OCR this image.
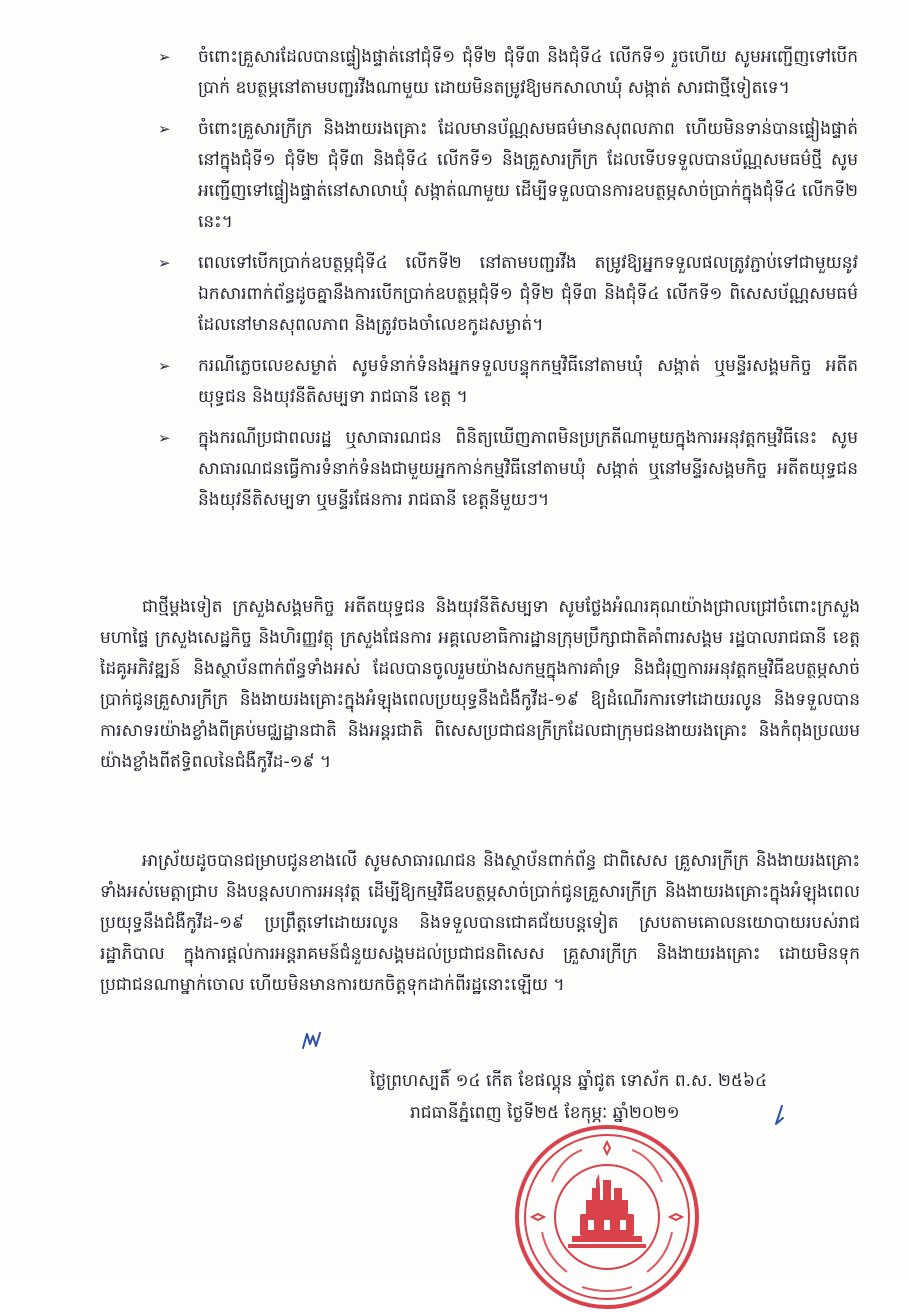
➢	ចំពោះគ្រួសារដែលបានផ្ទៀងផ្ទាត់នៅជុំទី១ ជុំទី២ ជុំទី៣ និងជុំទី៤ លើកទី១ រួចហើយ សូមអញ្ជើញទៅបើកប្រាក់ ឧបត្ថម្ភនៅតាមបញ្ជរវីងណាមួយ ដោយមិនតម្រូវឱ្យមកសាលាឃុំ សង្កាត់ សារជាថ្មីទៀតទេ។
➢	ចំពោះគ្រួសារក្រីក្រ និងងាយរងគ្រោះ ដែលមានប័ណ្ណសមធម៌មានសុពលភាព ហើយមិនទាន់បានផ្ទៀងផ្ទាត់នៅក្នុងជុំទី១ ជុំទី២ ជុំទី៣ និងជុំទី៤ លើកទី១ និងគ្រួសារក្រីក្រ ដែលទើបទទួលបានប័ណ្ណសមធម៌ថ្មី សូមអញ្ជើញទៅផ្ទៀងផ្ទាត់នៅសាលាឃុំ សង្កាត់ណាមួយ ដើម្បីទទួលបានការឧបត្ថម្ភសាច់ប្រាក់ក្នុងជុំទី៤ លើកទី២ នេះ។
➢	ពេលទៅបើកប្រាក់ឧបត្ថម្ភជុំទី៤ លើកទី២ នៅតាមបញ្ជរវីង តម្រូវឱ្យអ្នកទទួលផលត្រូវភ្ជាប់ទៅជាមួយនូវឯកសារពាក់ព័ន្ធដូចគ្នានឹងការបើកប្រាក់ឧបត្ថម្ភជុំទី១ ជុំទី២ ជុំទី៣ និងជុំទី៤ លើកទី១ ពិសេសប័ណ្ណសមធម៌ដែលនៅមានសុពលភាព និងត្រូវចងចាំលេខកូដសម្ងាត់។
➢	ករណីភ្លេចលេខសម្ងាត់ សូមទំនាក់ទំនងអ្នកទទួលបន្ទុកកម្មវិធីនៅតាមឃុំ សង្កាត់ ឬមន្ទីរសង្គមកិច្ច អតីតយុទ្ធជន និងយុវនីតិសម្បទា រាជធានី ខេត្ត ។
➢	ក្នុងករណីប្រជាពលរដ្ឋ ឬសាធារណជន ពិនិត្យឃើញភាពមិនប្រក្រតីណាមួយក្នុងការអនុវត្តកម្មវិធីនេះ សូមសាធារណជនធ្វើការទំនាក់ទំនងជាមួយអ្នកកាន់កម្មវិធីនៅតាមឃុំ សង្កាត់ ឬនៅមន្ទីរសង្គមកិច្ច អតីតយុទ្ធជន និងយុវនីតិសម្បទា ឬមន្ទីរផែនការ រាជធានី ខេត្តនីមួយៗ។

ជាថ្មីម្តងទៀត ក្រសួងសង្គមកិច្ច អតីតយុទ្ធជន និងយុវនីតិសម្បទា សូមថ្លែងអំណរគុណយ៉ាងជ្រាលជ្រៅចំពោះក្រសួងមហាផ្ទៃ ក្រសួងសេដ្ឋកិច្ច និងហិរញ្ញវត្ថុ ក្រសួងផែនការ អគ្គលេខាធិការដ្ឋានក្រុមប្រឹក្សាជាតិគាំពារសង្គម រដ្ឋបាលរាជធានី ខេត្ត ដៃគូអភិវឌ្ឍន៍ និងស្ថាប័នពាក់ព័ន្ធទាំងអស់ ដែលបានចូលរួមយ៉ាងសកម្មក្នុងការគាំទ្រ និងជំរុញការអនុវត្តកម្មវិធីឧបត្ថម្ភសាច់ប្រាក់ជូនគ្រួសារក្រីក្រ និងងាយរងគ្រោះក្នុងអំឡុងពេលប្រយុទ្ធនឹងជំងឺកូវីដ-១៩ ឱ្យដំណើរការទៅដោយរលូន និងទទួលបានការសាទរយ៉ាងខ្លាំងពីគ្រប់មជ្ឈដ្ឋានជាតិ និងអន្តរជាតិ ពិសេសប្រជាជនក្រីក្រដែលជាក្រុមជនងាយរងគ្រោះ និងកំពុងប្រឈមយ៉ាងខ្លាំងពីឥទ្ធិពលនៃជំងឺកូវីដ-១៩ ។

អាស្រ័យដូចបានជម្រាបជូនខាងលើ សូមសាធារណជន និងស្ថាប័នពាក់ព័ន្ធ ជាពិសេស គ្រួសារក្រីក្រ និងងាយរងគ្រោះ ទាំងអស់មេត្តាជ្រាប និងបន្តសហការអនុវត្ត ដើម្បីឱ្យកម្មវិធីឧបត្ថម្ភសាច់ប្រាក់ជូនគ្រួសារក្រីក្រ និងងាយរងគ្រោះក្នុងអំឡុងពេលប្រយុទ្ធនឹងជំងឺកូវីដ-១៩ ប្រព្រឹត្តទៅដោយរលូន និងទទួលបានជោគជ័យបន្តទៀត ស្របតាមគោលនយោបាយរបស់រាជរដ្ឋាភិបាល ក្នុងការផ្តល់ការអន្តរាគមន៍ជំនួយសង្គមដល់ប្រជាជនពិសេស គ្រួសារក្រីក្រ និងងាយរងគ្រោះ ដោយមិនទុកប្រជាជនណាម្នាក់ចោល ហើយមិនមានការយកចិត្តទុកដាក់ពីរដ្ឋនោះឡើយ ។

ថ្ងៃព្រហស្បតិ៍ ១៤ កើត ខែផល្គុន ឆ្នាំជូត ទោស័ក ព.ស. ២៥៦៤

រាជធានីភ្នំពេញ ថ្ងៃទី២៥ ខែកុម្ភៈ ឆ្នាំ២០២១
